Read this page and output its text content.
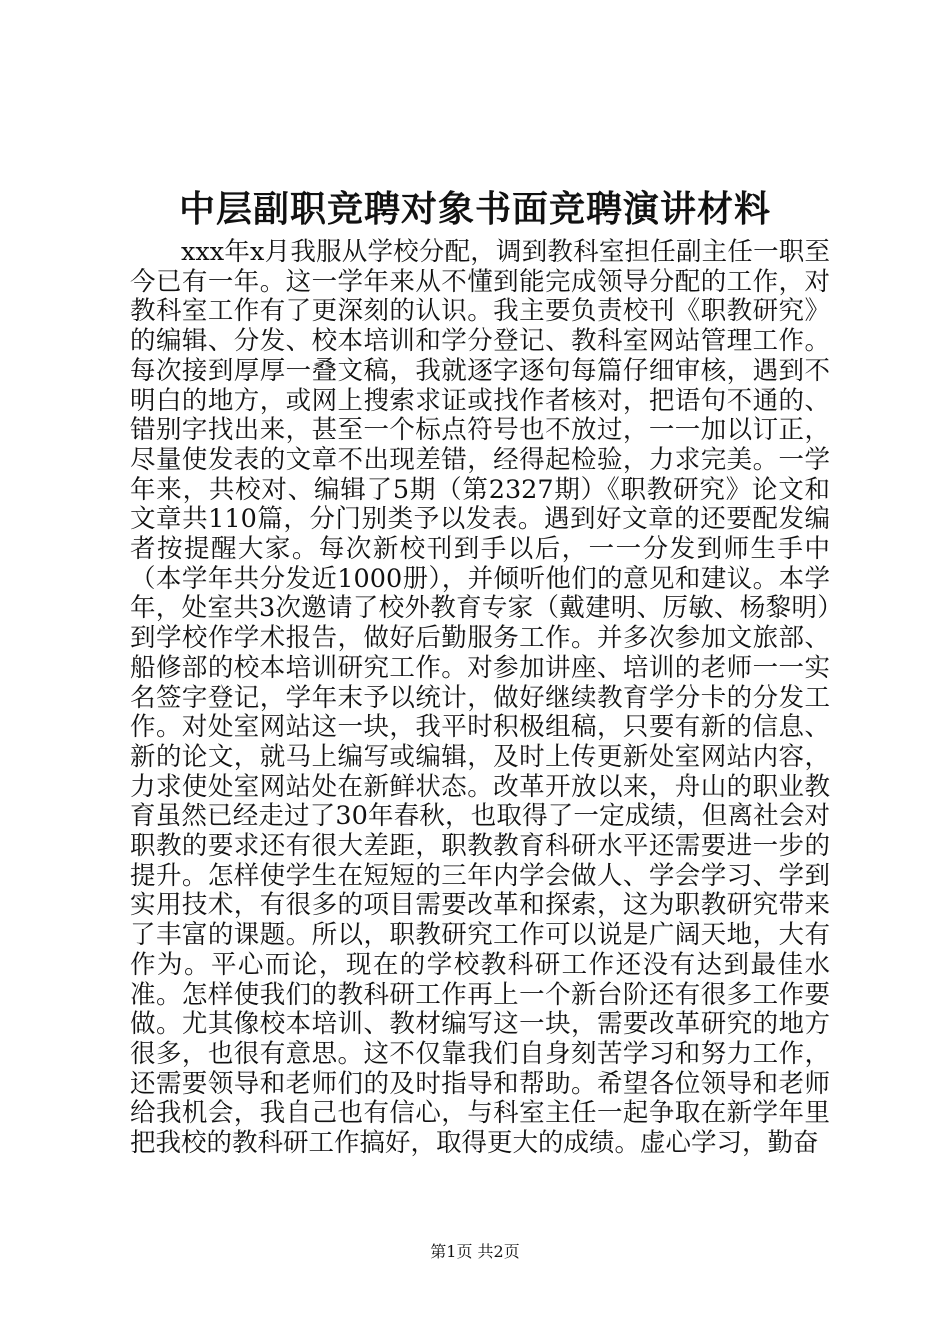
中层副职竞聘对象书面竞聘演讲材料

xxx年x月我服从学校分配，调到教科室担任副主任一职至今已有一年。这一学年来从不懂到能完成领导分配的工作，对教科室工作有了更深刻的认识。我主要负责校刊《职教研究》的编辑、分发、校本培训和学分登记、教科室网站管理工作。每次接到厚厚一叠文稿，我就逐字逐句每篇仔细审核，遇到不明白的地方，或网上搜索求证或找作者核对，把语句不通的、错别字找出来，甚至一个标点符号也不放过，一一加以订正，尽量使发表的文章不出现差错，经得起检验，力求完美。一学年来，共校对、编辑了5期（第2327期）《职教研究》论文和文章共110篇，分门别类予以发表。遇到好文章的还要配发编者按提醒大家。每次新校刊到手以后，一一分发到师生手中（本学年共分发近1000册），并倾听他们的意见和建议。本学年，处室共3次邀请了校外教育专家（戴建明、厉敏、杨黎明）到学校作学术报告，做好后勤服务工作。并多次参加文旅部、船修部的校本培训研究工作。对参加讲座、培训的老师一一实名签字登记，学年末予以统计，做好继续教育学分卡的分发工作。对处室网站这一块，我平时积极组稿，只要有新的信息、新的论文，就马上编写或编辑，及时上传更新处室网站内容，力求使处室网站处在新鲜状态。改革开放以来，舟山的职业教育虽然已经走过了30年春秋，也取得了一定成绩，但离社会对职教的要求还有很大差距，职教教育科研水平还需要进一步的提升。怎样使学生在短短的三年内学会做人、学会学习、学到实用技术，有很多的项目需要改革和探索，这为职教研究带来了丰富的课题。所以，职教研究工作可以说是广阔天地，大有作为。平心而论，现在的学校教科研工作还没有达到最佳水准。怎样使我们的教科研工作再上一个新台阶还有很多工作要做。尤其像校本培训、教材编写这一块，需要改革研究的地方很多，也很有意思。这不仅靠我们自身刻苦学习和努力工作，还需要领导和老师们的及时指导和帮助。希望各位领导和老师给我机会，我自己也有信心，与科室主任一起争取在新学年里把我校的教科研工作搞好，取得更大的成绩。虚心学习，勤奋

第1页 共2页
